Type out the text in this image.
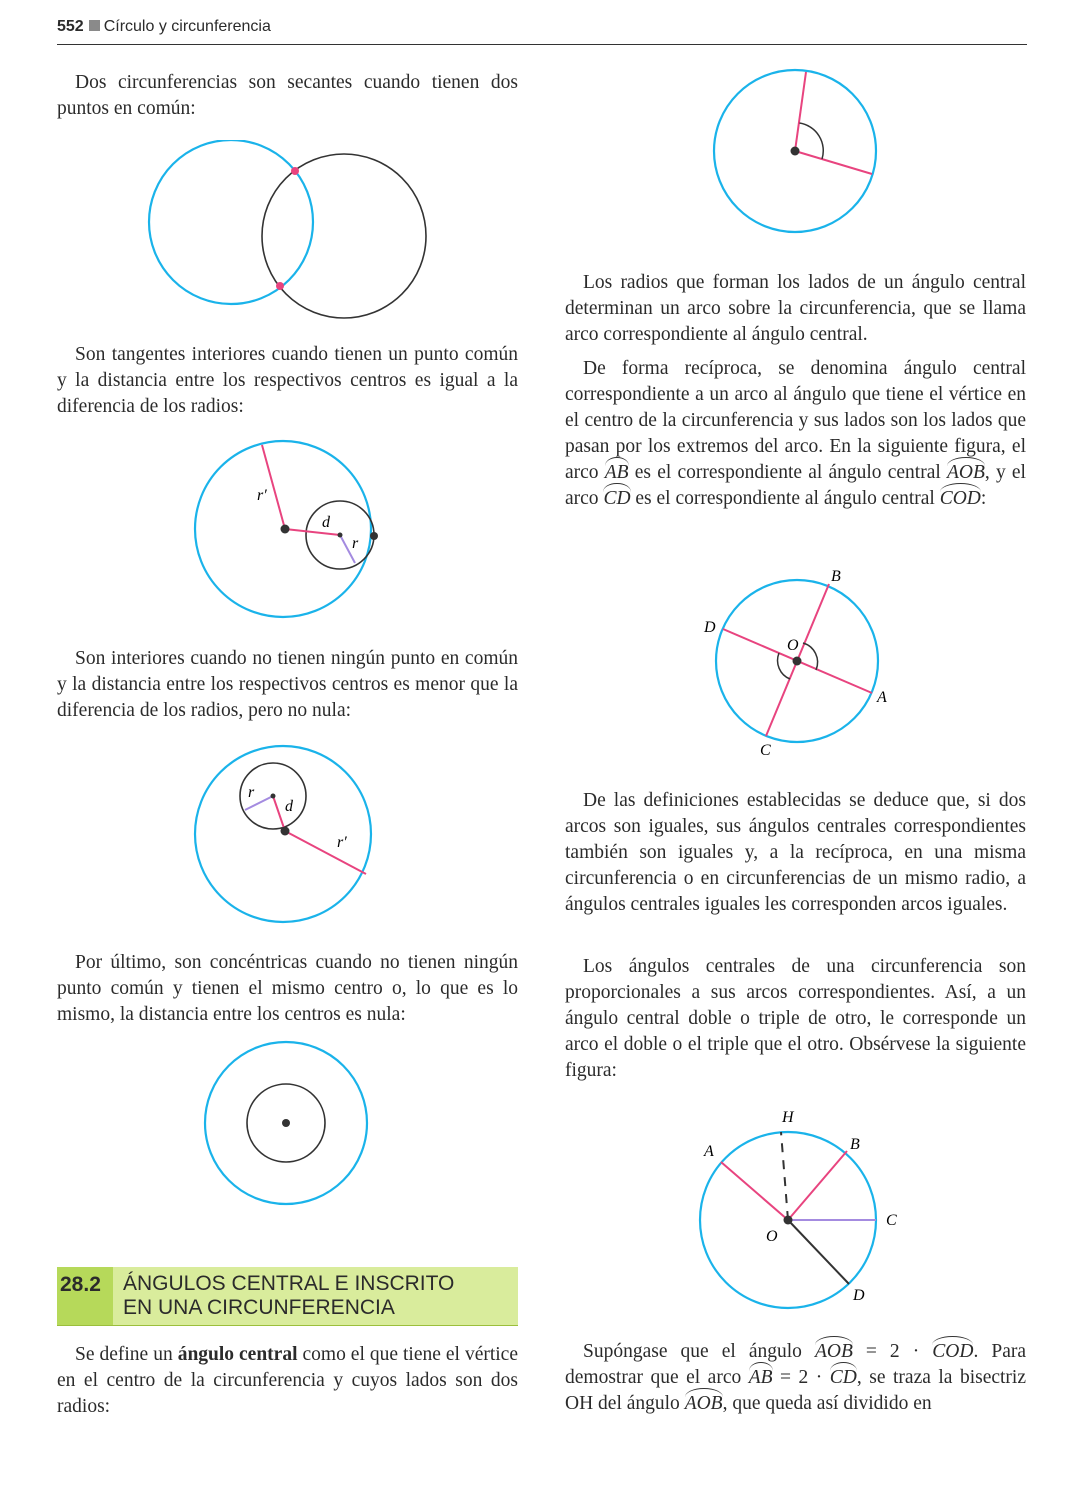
552 Círculo y circunferencia

Dos circunferencias son secantes cuando tienen dos puntos en común:

Son tangentes interiores cuando tienen un punto común y la distancia entre los respectivos centros es igual a la diferencia de los radios:

r′
d
r

Son interiores cuando no tienen ningún punto en común y la distancia entre los respectivos centros es menor que la diferencia de los radios, pero no nula:

r
d
r′

Por último, son concéntricas cuando no tienen ningún punto común y tienen el mismo centro o, lo que es lo mismo, la distancia entre los centros es nula:

28.2	ÁNGULOS CENTRAL E INSCRITO
EN UNA CIRCUNFERENCIA

Se define un ángulo central como el que tiene el vértice en el centro de la circunferencia y cuyos lados son dos radios:

Los radios que forman los lados de un ángulo central determinan un arco sobre la circunferencia, que se llama arco correspondiente al ángulo central.

De forma recíproca, se denomina ángulo central correspondiente a un arco al ángulo que tiene el vértice en el centro de la circunferencia y sus lados son los lados que pasan por los extremos del arco. En la siguiente figura, el arco AB es el correspondiente al ángulo central AOB, y el arco CD es el correspondiente al ángulo central COD:

B
D
O
A
C

De las definiciones establecidas se deduce que, si dos arcos son iguales, sus ángulos centrales correspondientes también son iguales y, a la recíproca, en una misma circunferencia o en circunferencias de un mismo radio, a ángulos centrales iguales les corresponden arcos iguales.

Los ángulos centrales de una circunferencia son proporcionales a sus arcos correspondientes. Así, a un ángulo central doble o triple de otro, le corresponde un arco el doble o el triple que el otro. Obsérvese la siguiente figura:

H
A	B
C
O
D

Supóngase que el ángulo AOB = 2 · COD. Para demostrar que el arco AB = 2 · CD, se traza la bisectriz OH del ángulo AOB, que queda así dividido en
